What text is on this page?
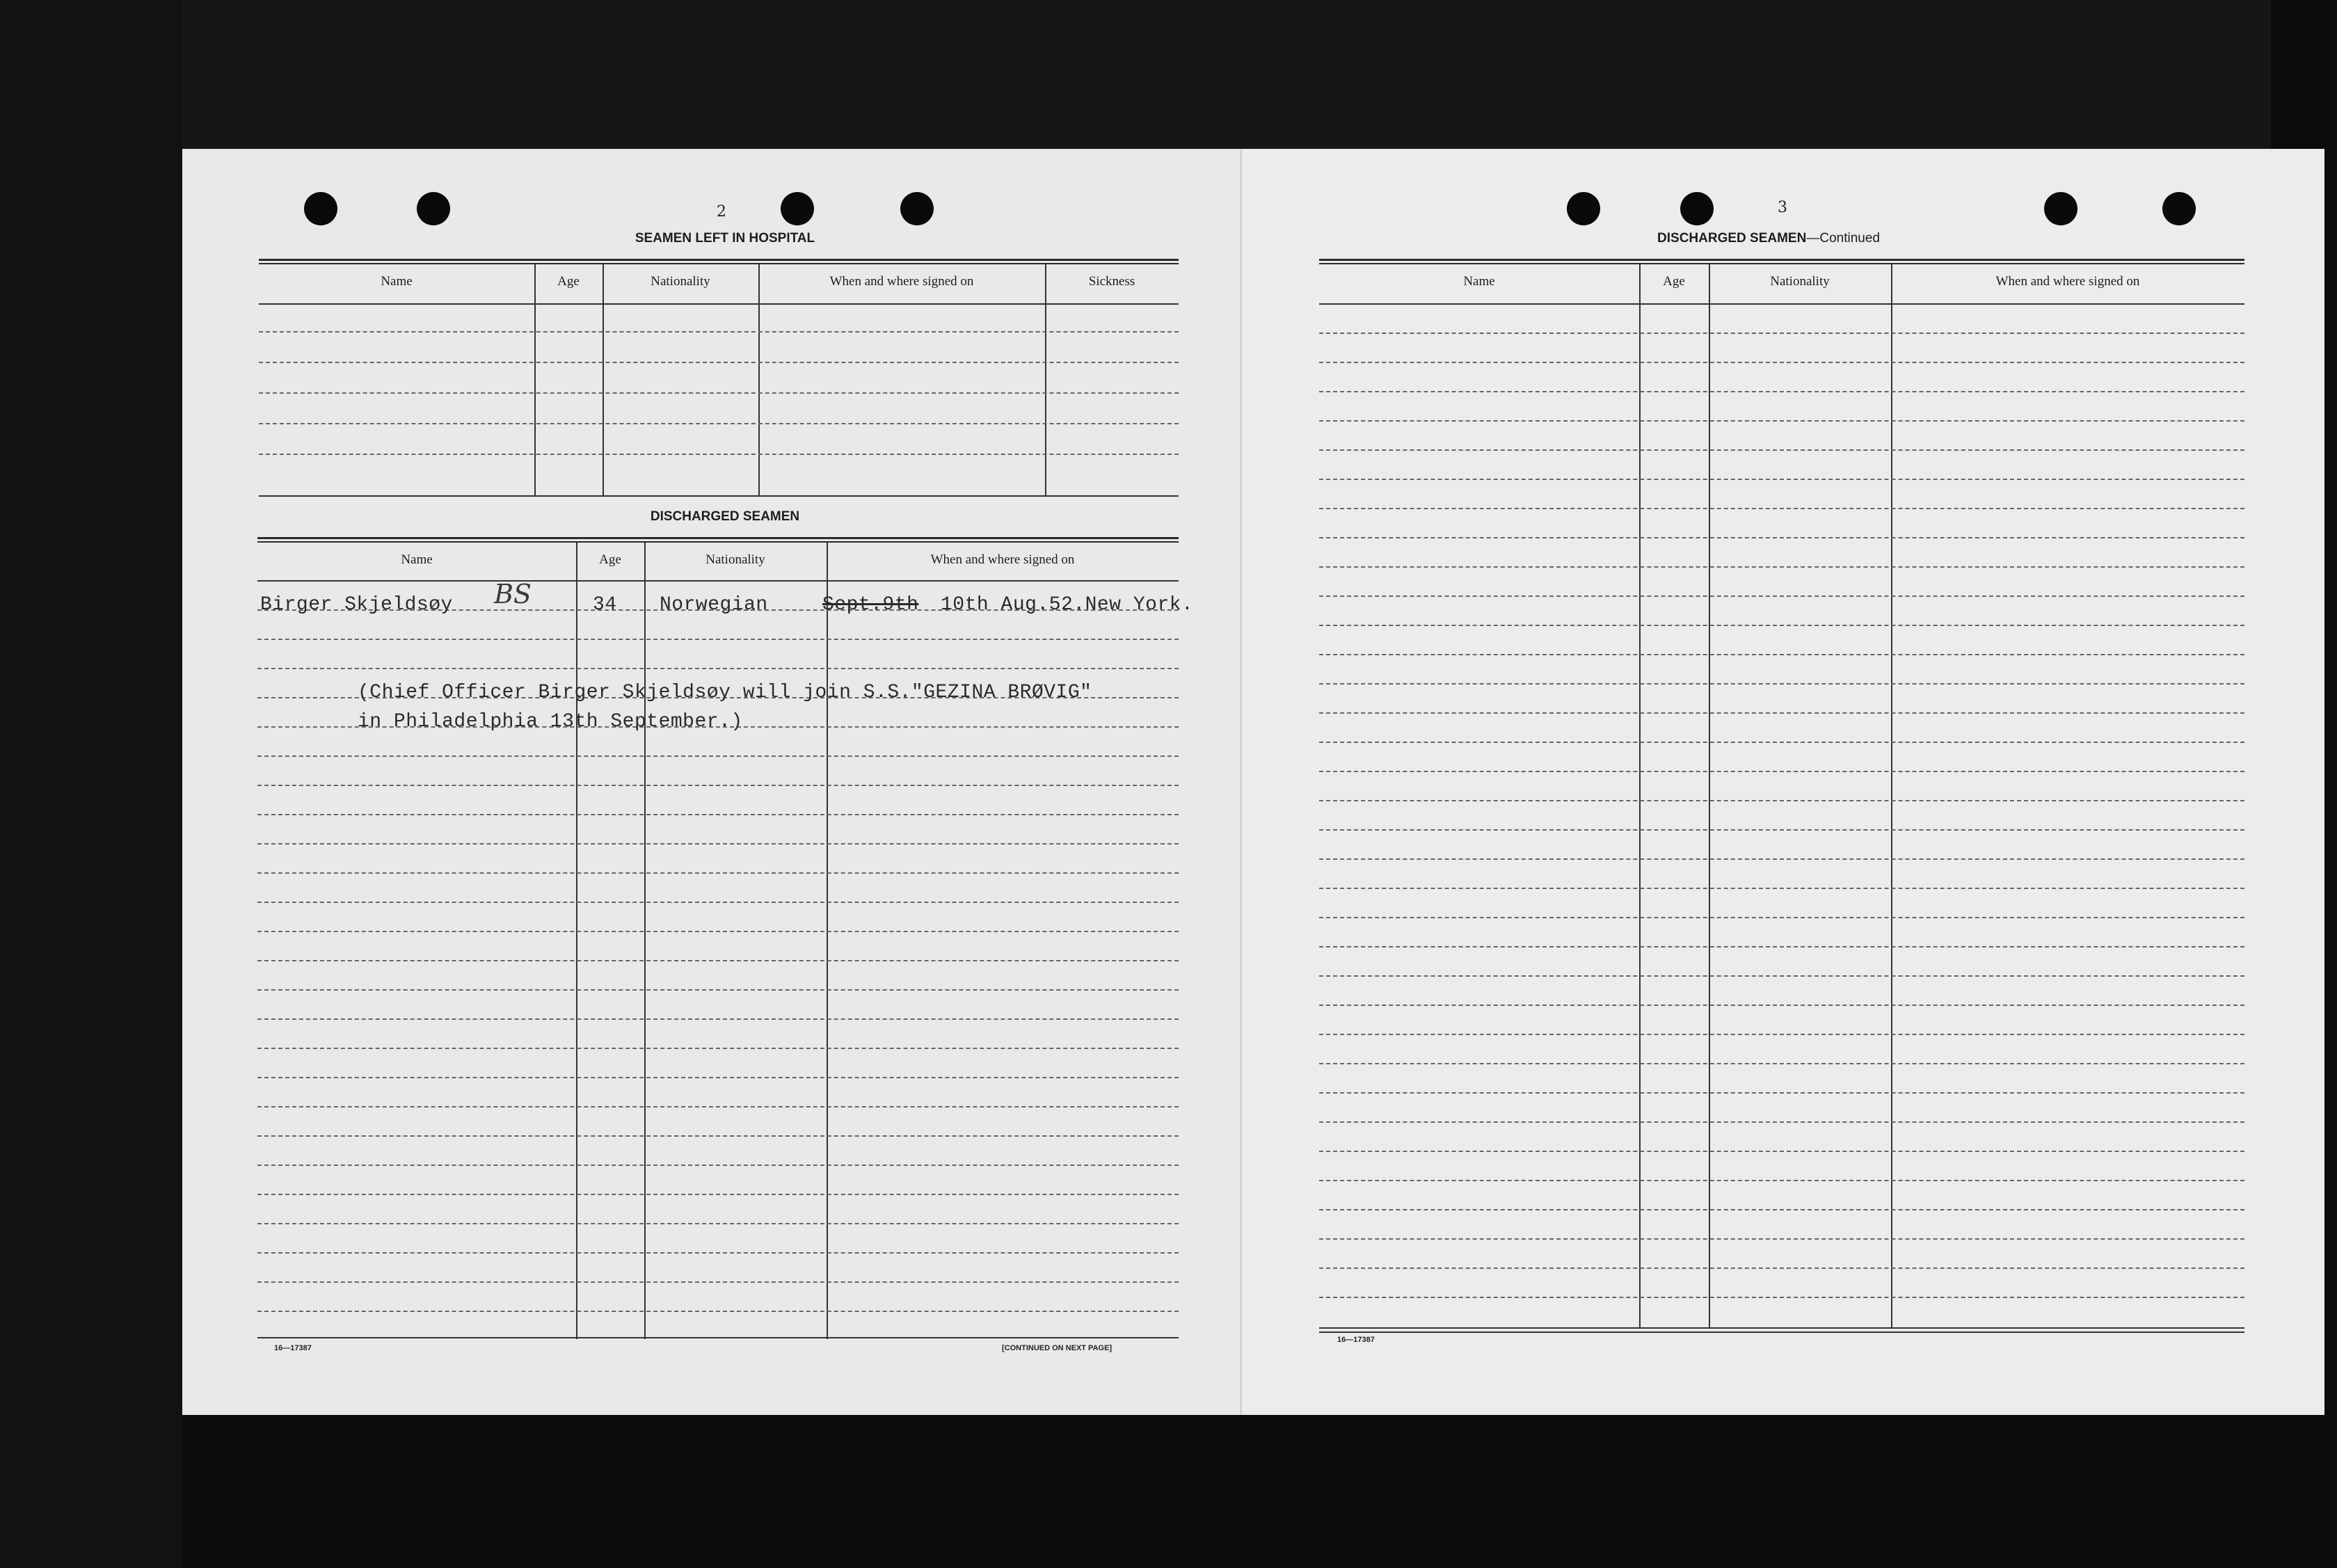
2
SEAMEN LEFT IN HOSPITAL
Name	Age	Nationality	When and where signed on	Sickness
DISCHARGED SEAMEN
Name	Age	Nationality	When and where signed on
Birger Skjeldsøy BS	34 Norwegian	Sept.9th 10th Aug.52.New York.
(Chief Officer Birger Skjeldsøy will join S.S."GEZINA BRØVIG"
in Philadelphia 13th September.)
16—17387	[CONTINUED ON NEXT PAGE]
3
DISCHARGED SEAMEN—Continued
Name	Age	Nationality	When and where signed on
16—17387
